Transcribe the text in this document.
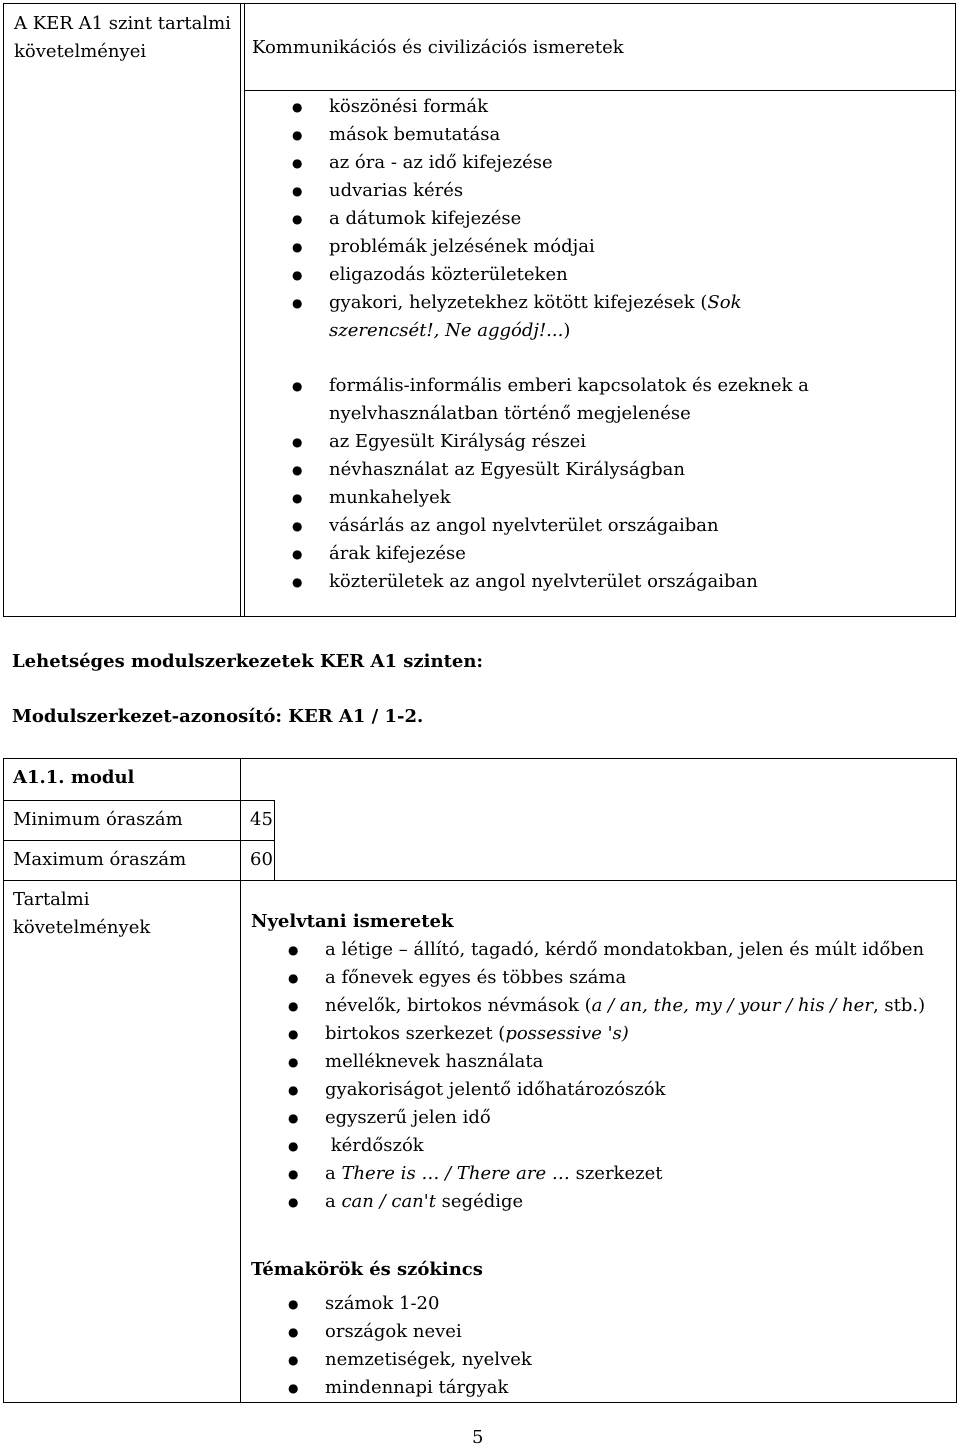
A KER A1 szint tartalmi követelményei	Kommunikációs és civilizációs ismeretek
● köszönési formák
● mások bemutatása
● az óra - az idő kifejezése
● udvarias kérés
● a dátumok kifejezése
● problémák jelzésének módjai
● eligazodás közterületeken
● gyakori, helyzetekhez kötött kifejezések (Sok szerencsét!, Ne aggódj!...)
● formális-informális emberi kapcsolatok és ezeknek a nyelvhasználatban történő megjelenése
● az Egyesült Királyság részei
● névhasználat az Egyesült Királyságban
● munkahelyek
● vásárlás az angol nyelvterület országaiban
● árak kifejezése
● közterületek az angol nyelvterület országaiban
Lehetséges modulszerkezetek KER A1 szinten:
Modulszerkezet-azonosító: KER A1 / 1-2.
A1.1. modul
Minimum óraszám	45
Maximum óraszám	60
Tartalmi követelmények	Nyelvtani ismeretek
● a létige – állító, tagadó, kérdő mondatokban, jelen és múlt időben
● a főnevek egyes és többes száma
● névelők, birtokos névmások (a / an, the, my / your / his / her, stb.)
● birtokos szerkezet (possessive 's)
● melléknevek használata
● gyakoriságot jelentő időhatározószók
● egyszerű jelen idő
●  kérdőszók
● a There is … / There are … szerkezet
● a can / can't segédige
Témakörök és szókincs
● számok 1-20
● országok nevei
● nemzetiségek, nyelvek
● mindennapi tárgyak
5
